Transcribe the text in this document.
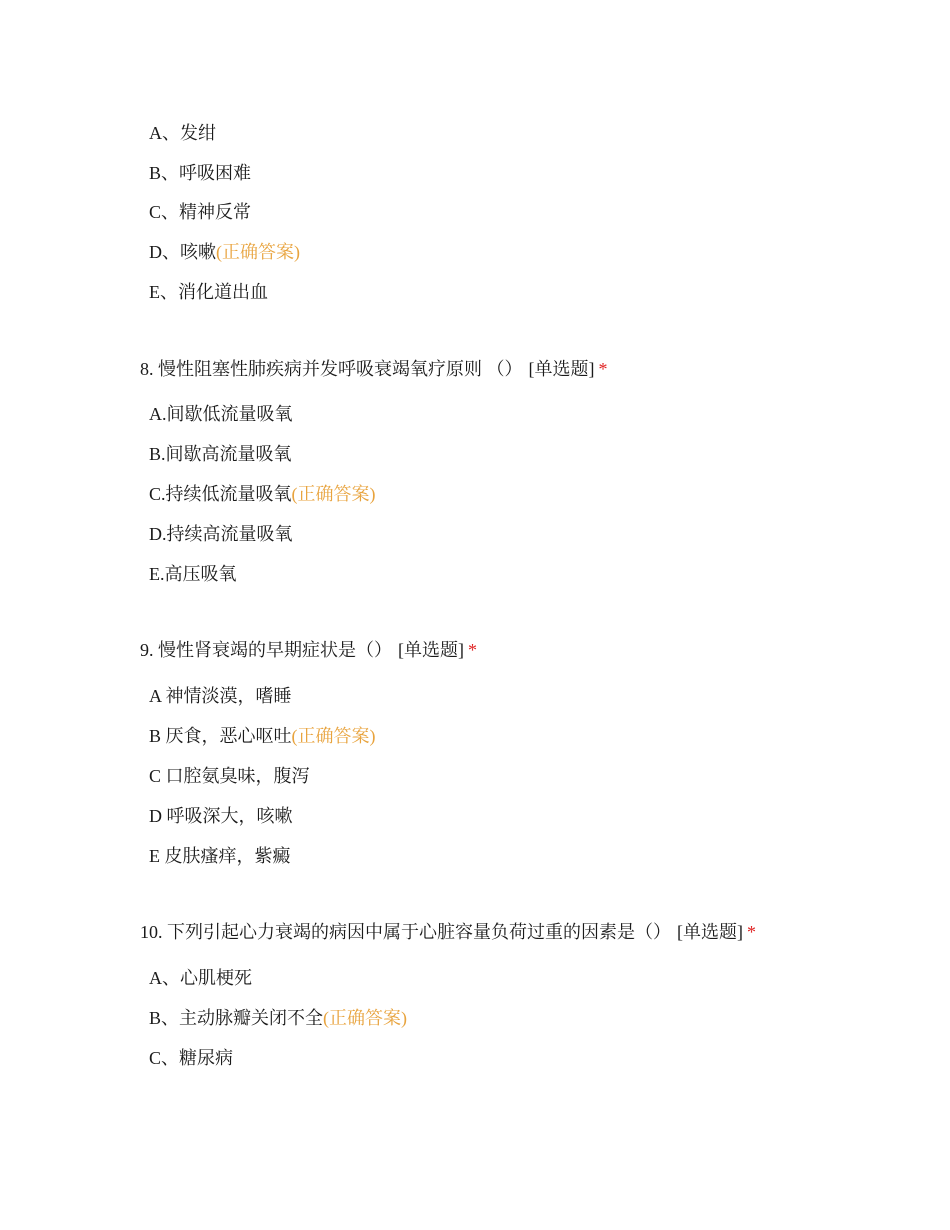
A、发绀
B、呼吸困难
C、精神反常
D、咳嗽(正确答案)
E、消化道出血
8. 慢性阻塞性肺疾病并发呼吸衰竭氧疗原则 （） [单选题] *
A.间歇低流量吸氧
B.间歇高流量吸氧
C.持续低流量吸氧(正确答案)
D.持续高流量吸氧
E.高压吸氧
9. 慢性肾衰竭的早期症状是（） [单选题] *
A 神情淡漠，嗜睡
B 厌食，恶心呕吐(正确答案)
C 口腔氨臭味，腹泻
D 呼吸深大，咳嗽
E 皮肤瘙痒，紫癜
10. 下列引起心力衰竭的病因中属于心脏容量负荷过重的因素是（） [单选题] *
A、心肌梗死
B、主动脉瓣关闭不全(正确答案)
C、糖尿病
